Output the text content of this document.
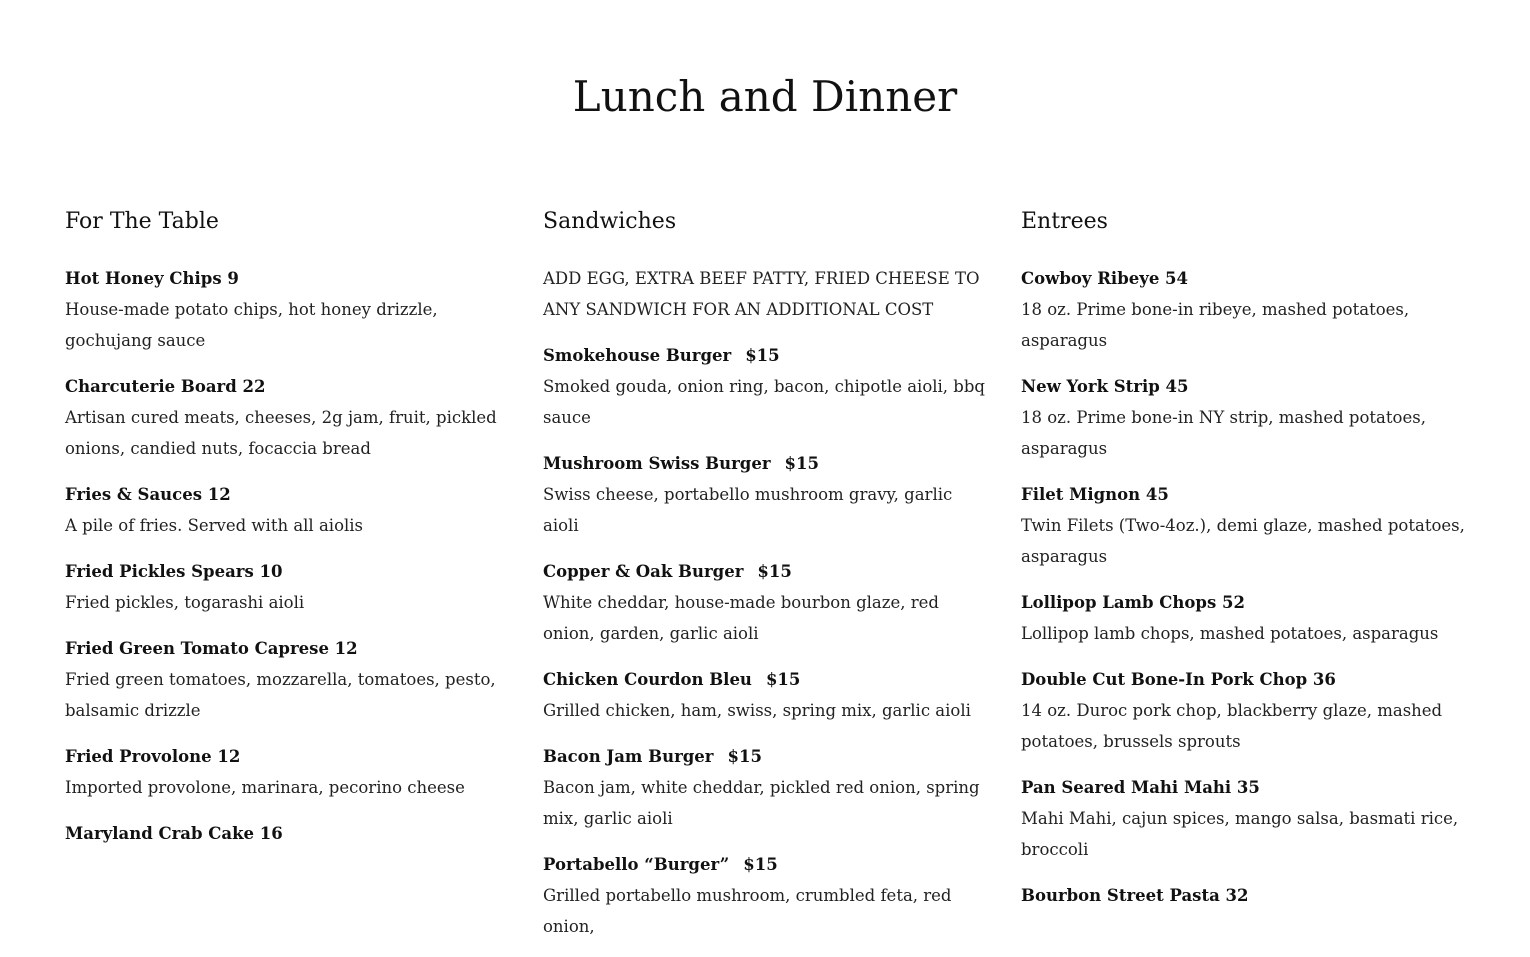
Lunch and Dinner
For The Table
Hot Honey Chips 9
House-made potato chips, hot honey drizzle, gochujang sauce
Charcuterie Board 22
Artisan cured meats, cheeses, 2g jam, fruit, pickled onions, candied nuts, focaccia bread
Fries & Sauces 12
A pile of fries. Served with all aiolis
Fried Pickles Spears 10
Fried pickles, togarashi aioli
Fried Green Tomato Caprese 12
Fried green tomatoes, mozzarella, tomatoes, pesto, balsamic drizzle
Fried Provolone 12
Imported provolone, marinara, pecorino cheese
Maryland Crab Cake 16
Sandwiches
ADD EGG, EXTRA BEEF PATTY, FRIED CHEESE TO ANY SANDWICH FOR AN ADDITIONAL COST
Smokehouse Burger $15
Smoked gouda, onion ring, bacon, chipotle aioli, bbq sauce
Mushroom Swiss Burger $15
Swiss cheese, portabello mushroom gravy, garlic aioli
Copper & Oak Burger $15
White cheddar, house-made bourbon glaze, red onion, garden, garlic aioli
Chicken Courdon Bleu $15
Grilled chicken, ham, swiss, spring mix, garlic aioli
Bacon Jam Burger $15
Bacon jam, white cheddar, pickled red onion, spring mix, garlic aioli
Portabello “Burger” $15
Grilled portabello mushroom, crumbled feta, red onion,
Entrees
Cowboy Ribeye 54
18 oz. Prime bone-in ribeye, mashed potatoes, asparagus
New York Strip 45
18 oz. Prime bone-in NY strip, mashed potatoes, asparagus
Filet Mignon 45
Twin Filets (Two-4oz.), demi glaze, mashed potatoes, asparagus
Lollipop Lamb Chops 52
Lollipop lamb chops, mashed potatoes, asparagus
Double Cut Bone-In Pork Chop 36
14 oz. Duroc pork chop, blackberry glaze, mashed potatoes, brussels sprouts
Pan Seared Mahi Mahi 35
Mahi Mahi, cajun spices, mango salsa, basmati rice, broccoli
Bourbon Street Pasta 32
